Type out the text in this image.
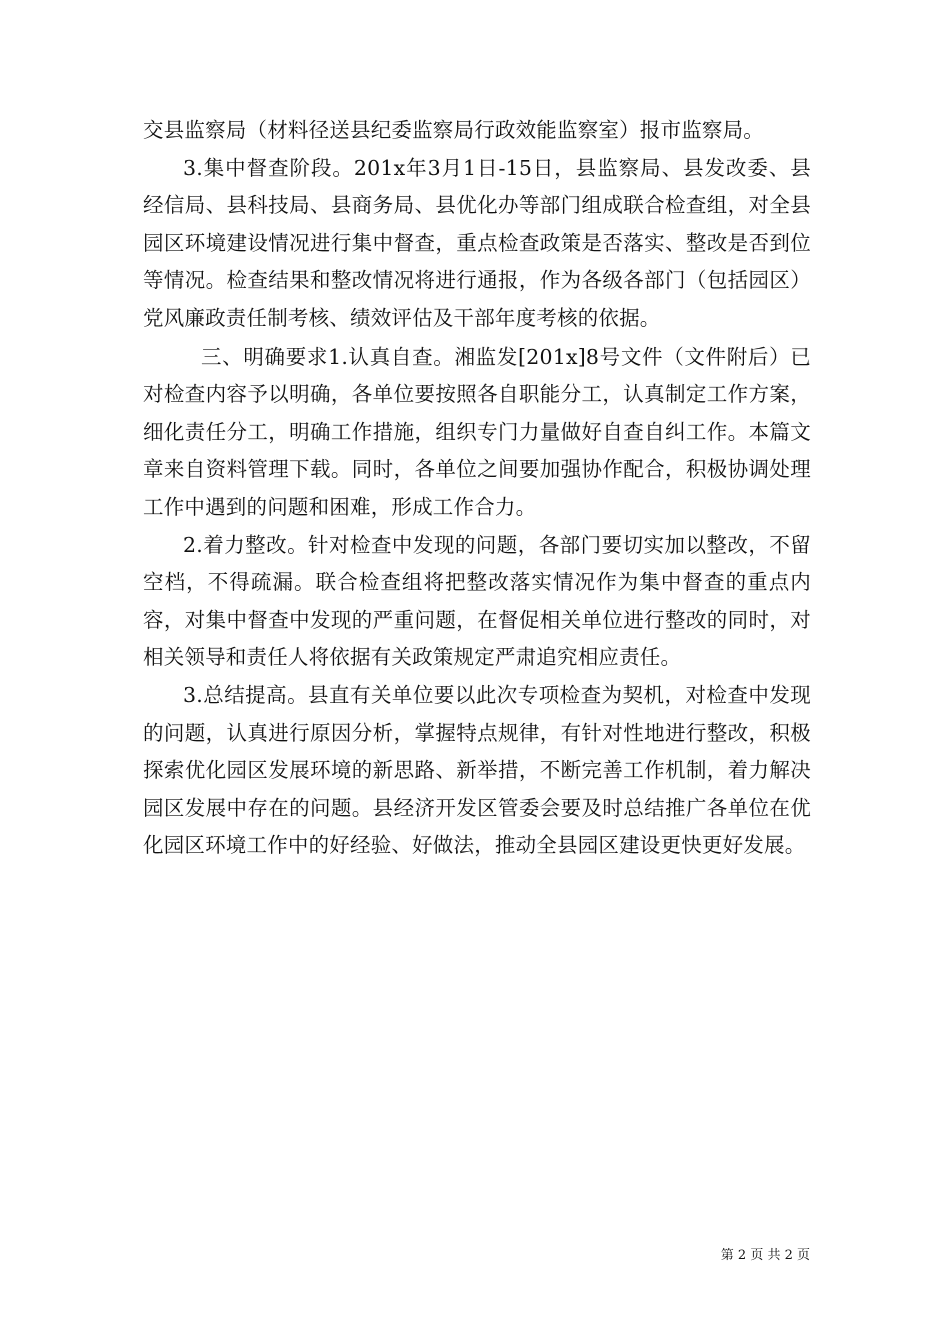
交县监察局（材料径送县纪委监察局行政效能监察室）报市监察局。

3.集中督查阶段。201x年3月1日-15日，县监察局、县发改委、县经信局、县科技局、县商务局、县优化办等部门组成联合检查组，对全县园区环境建设情况进行集中督查，重点检查政策是否落实、整改是否到位等情况。检查结果和整改情况将进行通报，作为各级各部门（包括园区）党风廉政责任制考核、绩效评估及干部年度考核的依据。

三、明确要求1.认真自查。湘监发[201x]8号文件（文件附后）已对检查内容予以明确，各单位要按照各自职能分工，认真制定工作方案，细化责任分工，明确工作措施，组织专门力量做好自查自纠工作。本篇文章来自资料管理下载。同时，各单位之间要加强协作配合，积极协调处理工作中遇到的问题和困难，形成工作合力。

2.着力整改。针对检查中发现的问题，各部门要切实加以整改，不留空档，不得疏漏。联合检查组将把整改落实情况作为集中督查的重点内容，对集中督查中发现的严重问题，在督促相关单位进行整改的同时，对相关领导和责任人将依据有关政策规定严肃追究相应责任。

3.总结提高。县直有关单位要以此次专项检查为契机，对检查中发现的问题，认真进行原因分析，掌握特点规律，有针对性地进行整改，积极探索优化园区发展环境的新思路、新举措，不断完善工作机制，着力解决园区发展中存在的问题。县经济开发区管委会要及时总结推广各单位在优化园区环境工作中的好经验、好做法，推动全县园区建设更快更好发展。

第 2 页 共 2 页
